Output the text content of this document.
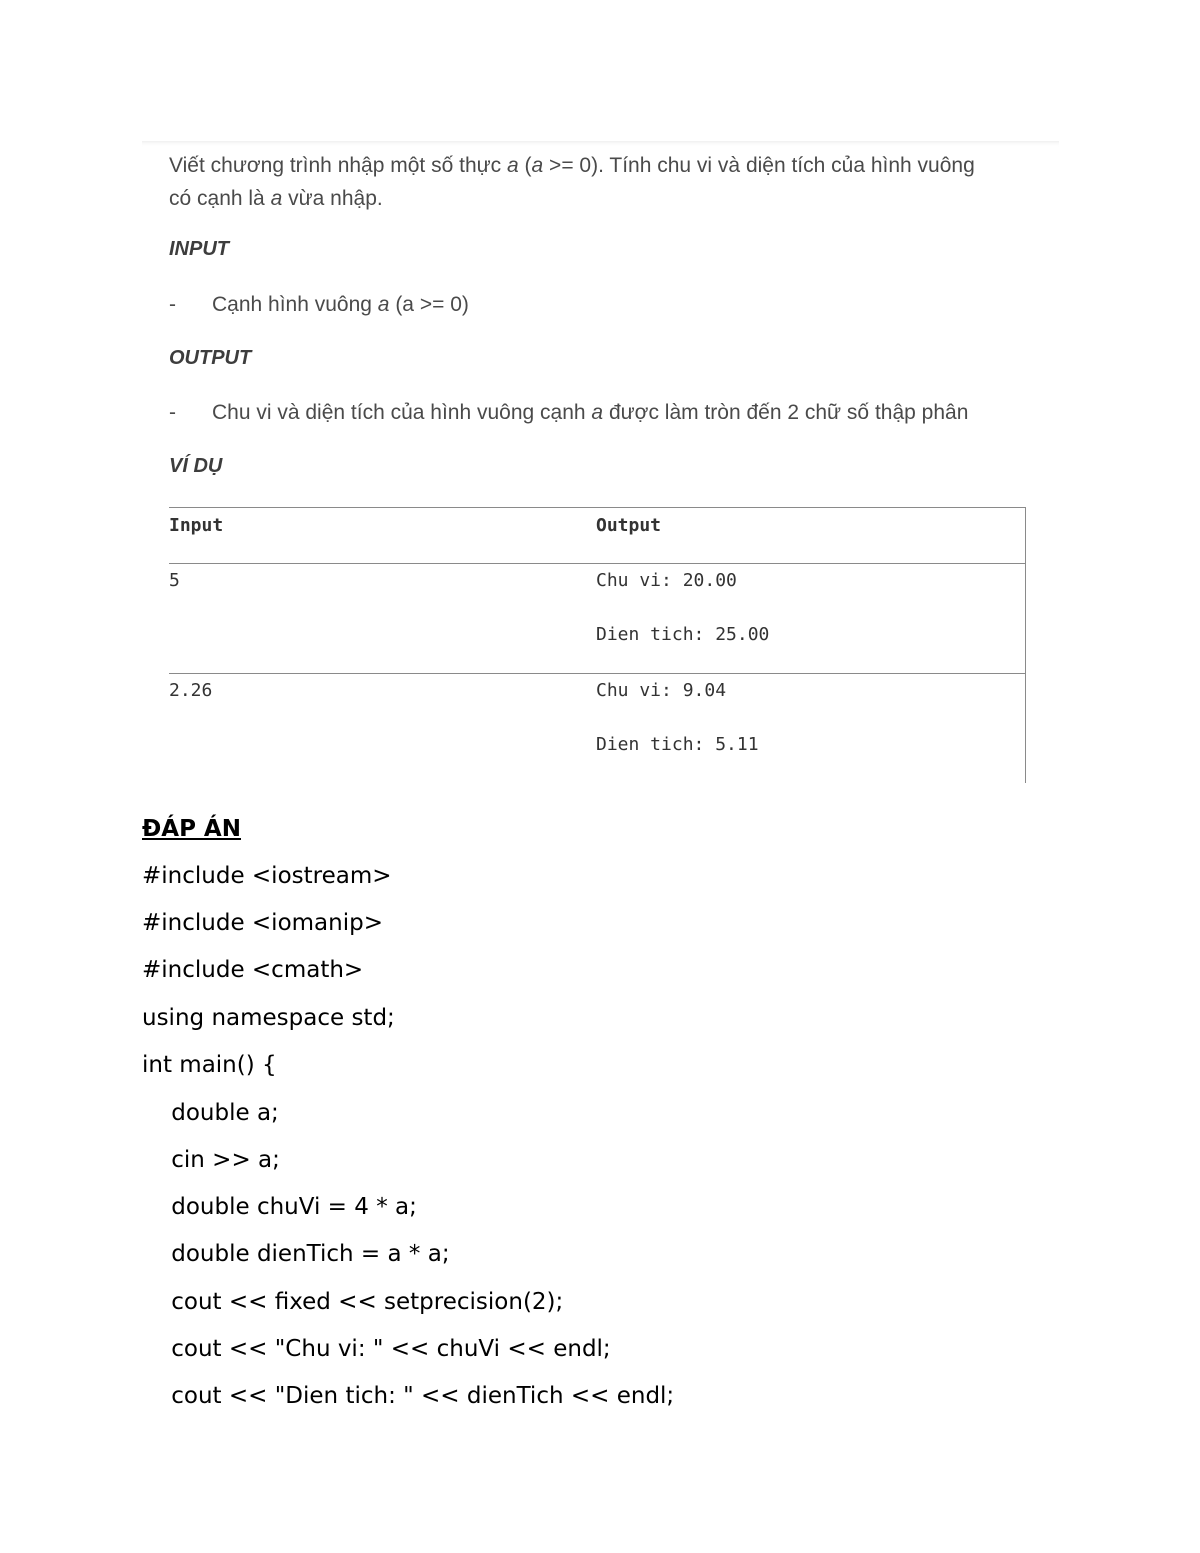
Viết chương trình nhập một số thực a (a >= 0). Tính chu vi và diện tích của hình vuông
có cạnh là a vừa nhập.

INPUT

-	Cạnh hình vuông a (a >= 0)

OUTPUT

-	Chu vi và diện tích của hình vuông cạnh a được làm tròn đến 2 chữ số thập phân

VÍ DỤ

Input	Output
5	Chu vi: 20.00
Dien tich: 25.00
2.26	Chu vi: 9.04
Dien tich: 5.11
ĐÁP ÁN
#include <iostream>
#include <iomanip>
#include <cmath>
using namespace std;
int main() {
double a;
cin >> a;
double chuVi = 4 * a;
double dienTich = a * a;
cout << fixed << setprecision(2);
cout << "Chu vi: " << chuVi << endl;
cout << "Dien tich: " << dienTich << endl;
